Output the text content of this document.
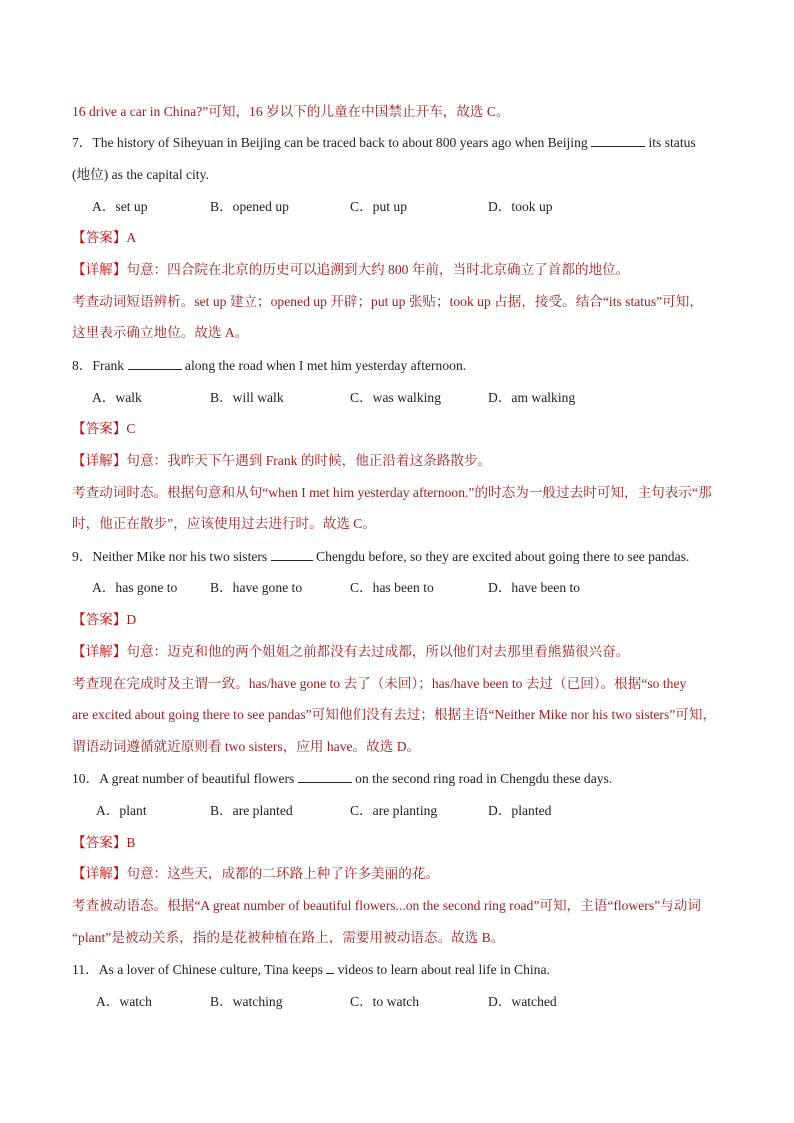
16 drive a car in China?”可知，16 岁以下的儿童在中国禁止开车，故选 C。
7．The history of Siheyuan in Beijing can be traced back to about 800 years ago when Beijing	its status
(地位) as the capital city.
A．set up	B．opened up	C．put up	D．took up
【答案】A
【详解】句意：四合院在北京的历史可以追溯到大约 800 年前，当时北京确立了首都的地位。
考查动词短语辨析。set up 建立；opened up 开辟；put up 张贴；took up 占据，接受。结合“its status”可知，
这里表示确立地位。故选 A。
8．Frank	along the road when I met him yesterday afternoon.
A．walk	B．will walk	C．was walking	D．am walking
【答案】C
【详解】句意：我昨天下午遇到 Frank 的时候，他正沿着这条路散步。
考查动词时态。根据句意和从句“when I met him yesterday afternoon.”的时态为一般过去时可知，主句表示“那
时，他正在散步”，应该使用过去进行时。故选 C。
9．Neither Mike nor his two sisters	Chengdu before, so they are excited about going there to see pandas.
A．has gone to B．have gone to	C．has been to	D．have been to
【答案】D
【详解】句意：迈克和他的两个姐姐之前都没有去过成都，所以他们对去那里看熊猫很兴奋。
考查现在完成时及主谓一致。has/have gone to 去了（未回）；has/have been to 去过（已回）。根据“so they
are excited about going there to see pandas”可知他们没有去过；根据主语“Neither Mike nor his two sisters”可知，
谓语动词遵循就近原则看 two sisters，应用 have。故选 D。
10．A great number of beautiful flowers	on the second ring road in Chengdu these days.
A．plant	B．are planted	C．are planting	D．planted
【答案】B
【详解】句意：这些天，成都的二环路上种了许多美丽的花。
考查被动语态。根据“A great number of beautiful flowers...on the second ring road”可知，主语“flowers”与动词
“plant”是被动关系，指的是花被种植在路上，需要用被动语态。故选 B。
11．As a lover of Chinese culture, Tina keeps  videos to learn about real life in China.
A．watch	B．watching	C．to watch	D．watched
